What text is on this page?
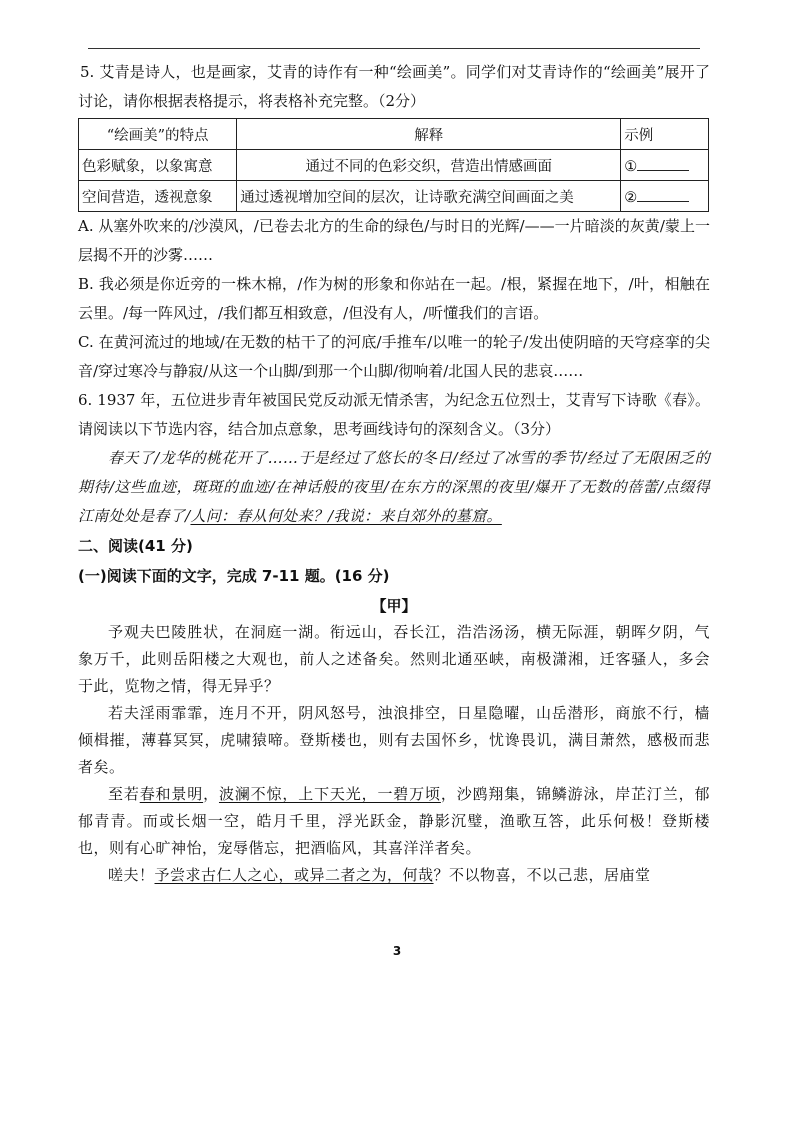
5. 艾青是诗人，也是画家，艾青的诗作有一种“绘画美”。同学们对艾青诗作的“绘画美”展开了讨论，请你根据表格提示，将表格补充完整。（2分）

“绘画美”的特点	解释	示例
色彩赋象，以象寓意	通过不同的色彩交织，营造出情感画面	①
空间营造，透视意象	通过透视增加空间的层次，让诗歌充满空间画面之美	②

A. 从塞外吹来的/沙漠风，/已卷去北方的生命的绿色/与时日的光辉/——一片暗淡的灰黄/蒙上一层揭不开的沙雾……

B. 我必须是你近旁的一株木棉，/作为树的形象和你站在一起。/根，紧握在地下，/叶，相触在云里。/每一阵风过，/我们都互相致意，/但没有人，/听懂我们的言语。

C. 在黄河流过的地域/在无数的枯干了的河底/手推车/以唯一的轮子/发出使阴暗的天穹痉挛的尖音/穿过寒冷与静寂/从这一个山脚/到那一个山脚/彻响着/北国人民的悲哀……

6. 1937 年，五位进步青年被国民党反动派无情杀害，为纪念五位烈士，艾青写下诗歌《春》。请阅读以下节选内容，结合加点意象，思考画线诗句的深刻含义。（3分）

春天了/龙华的桃花开了……于是经过了悠长的冬日/经过了冰雪的季节/经过了无限困乏的期待/这些血迹，斑斑的血迹/在神话般的夜里/在东方的深黑的夜里/爆开了无数的蓓蕾/点缀得江南处处是春了/人问：春从何处来？/我说：来自郊外的墓窟。

二、阅读(41 分)

(一)阅读下面的文字，完成 7-11 题。(16 分)

【甲】

予观夫巴陵胜状，在洞庭一湖。衔远山，吞长江，浩浩汤汤，横无际涯，朝晖夕阴，气象万千，此则岳阳楼之大观也，前人之述备矣。然则北通巫峡，南极潇湘，迁客骚人，多会于此，览物之情，得无异乎？

若夫淫雨霏霏，连月不开，阴风怒号，浊浪排空，日星隐曜，山岳潜形，商旅不行，樯倾楫摧，薄暮冥冥，虎啸猿啼。登斯楼也，则有去国怀乡，忧谗畏讥，满目萧然，感极而悲者矣。

至若春和景明，波澜不惊，上下天光，一碧万顷，沙鸥翔集，锦鳞游泳，岸芷汀兰，郁郁青青。而或长烟一空，皓月千里，浮光跃金，静影沉璧，渔歌互答，此乐何极！登斯楼也，则有心旷神怡，宠辱偕忘，把酒临风，其喜洋洋者矣。

嗟夫！予尝求古仁人之心，或异二者之为，何哉？不以物喜，不以己悲，居庙堂

3
